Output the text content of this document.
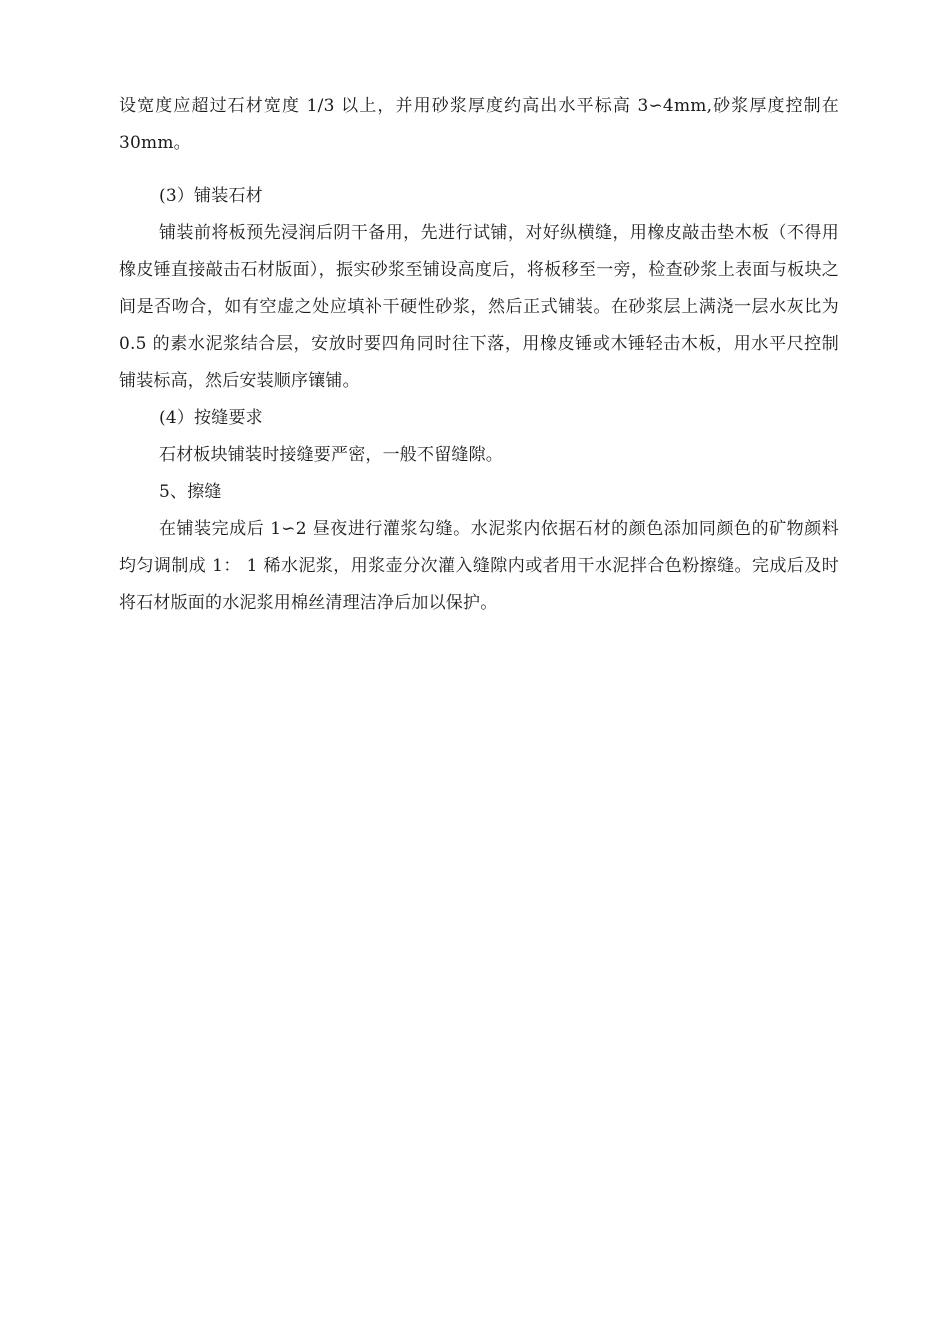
设宽度应超过石材宽度 1/3 以上，并用砂浆厚度约高出水平标高 3∽4mm,砂浆厚度控制在 30mm。

(3）铺装石材

铺装前将板预先浸润后阴干备用，先进行试铺，对好纵横缝，用橡皮敲击垫木板（不得用橡皮锤直接敲击石材版面），振实砂浆至铺设高度后，将板移至一旁，检查砂浆上表面与板块之间是否吻合，如有空虚之处应填补干硬性砂浆，然后正式铺装。在砂浆层上满浇一层水灰比为 0.5 的素水泥浆结合层，安放时要四角同时往下落，用橡皮锤或木锤轻击木板，用水平尺控制铺装标高，然后安装顺序镶铺。

(4）按缝要求

石材板块铺装时接缝要严密，一般不留缝隙。

5、擦缝

在铺装完成后 1∽2 昼夜进行灌浆勾缝。水泥浆内依据石材的颜色添加同颜色的矿物颜料均匀调制成 1： 1 稀水泥浆，用浆壶分次灌入缝隙内或者用干水泥拌合色粉擦缝。完成后及时将石材版面的水泥浆用棉丝清理洁净后加以保护。
